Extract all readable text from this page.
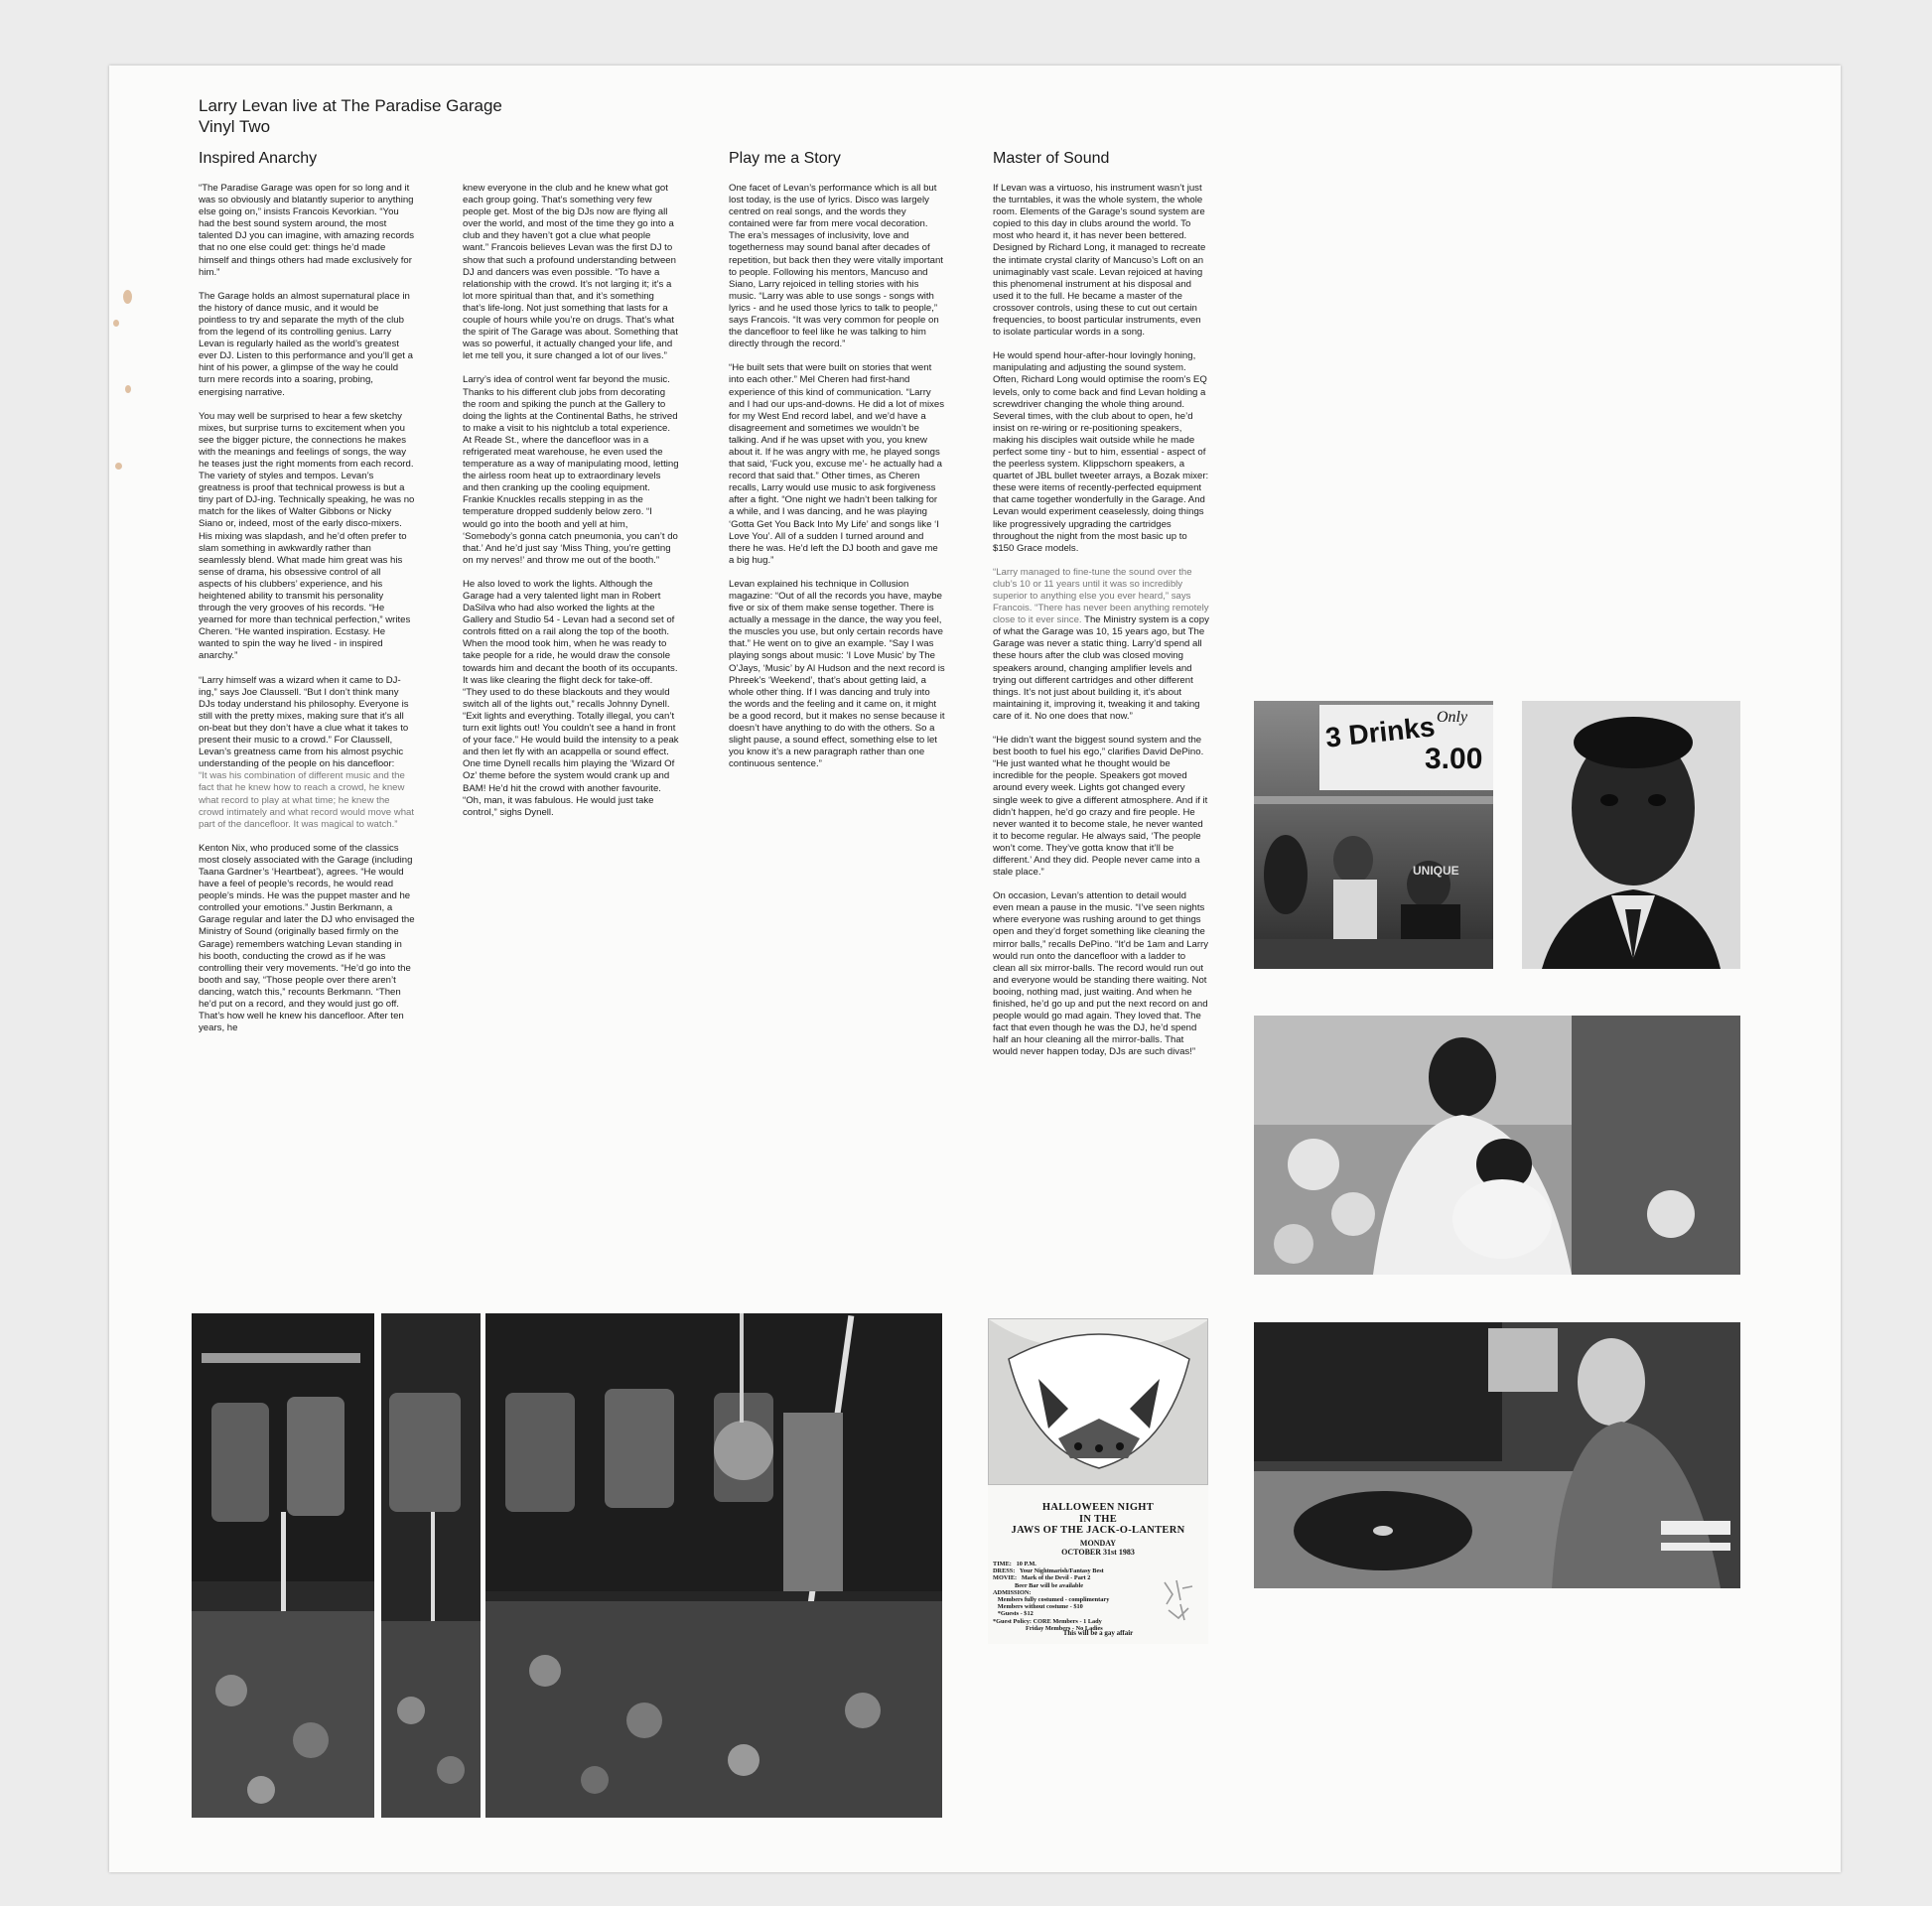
Larry Levan live at The Paradise Garage
Vinyl Two
Inspired Anarchy

“The Paradise Garage was open for so long and it was so obviously and blatantly superior to anything else going on,” insists Francois Kevorkian. “You had the best sound system around, the most talented DJ you can imagine, with amazing records that no one else could get: things he’d made himself and things others had made exclusively for him.”

The Garage holds an almost supernatural place in the history of dance music, and it would be pointless to try and separate the myth of the club from the legend of its controlling genius. Larry Levan is regularly hailed as the world’s greatest ever DJ. Listen to this performance and you’ll get a hint of his power, a glimpse of the way he could turn mere records into a soaring, probing, energising narrative.

You may well be surprised to hear a few sketchy mixes, but surprise turns to excitement when you see the bigger picture, the connections he makes with the meanings and feelings of songs, the way he teases just the right moments from each record. The variety of styles and tempos. Levan’s greatness is proof that technical prowess is but a tiny part of DJ-ing. Technically speaking, he was no match for the likes of Walter Gibbons or Nicky Siano or, indeed, most of the early disco-mixers. His mixing was slapdash, and he’d often prefer to slam something in awkwardly rather than seamlessly blend. What made him great was his sense of drama, his obsessive control of all aspects of his clubbers’ experience, and his heightened ability to transmit his personality through the very grooves of his records. “He yearned for more than technical perfection,” writes Cheren. “He wanted inspiration. Ecstasy. He wanted to spin the way he lived - in inspired anarchy.”

“Larry himself was a wizard when it came to DJ-ing,” says Joe Claussell. “But I don’t think many DJs today understand his philosophy. Everyone is still with the pretty mixes, making sure that it’s all on-beat but they don’t have a clue what it takes to present their music to a crowd.” For Claussell, Levan’s greatness came from his almost psychic understanding of the people on his dancefloor:

“It was his combination of different music and the fact that he knew how to reach a crowd, he knew what record to play at what time; he knew the crowd intimately and what record would move what part of the dancefloor. It was magical to watch.”

Kenton Nix, who produced some of the classics most closely associated with the Garage (including Taana Gardner’s ‘Heartbeat’), agrees. “He would have a feel of people’s records, he would read people’s minds. He was the puppet master and he controlled your emotions.” Justin Berkmann, a Garage regular and later the DJ who envisaged the Ministry of Sound (originally based firmly on the Garage) remembers watching Levan standing in his booth, conducting the crowd as if he was controlling their very movements. “He’d go into the booth and say, “Those people over there aren’t dancing, watch this,” recounts Berkmann. “Then he’d put on a record, and they would just go off. That’s how well he knew his dancefloor. After ten years, he

knew everyone in the club and he knew what got each group going. That’s something very few people get. Most of the big DJs now are flying all over the world, and most of the time they go into a club and they haven’t got a clue what people want.” Francois believes Levan was the first DJ to show that such a profound understanding between DJ and dancers was even possible. “To have a relationship with the crowd. It’s not larging it; it’s a lot more spiritual than that, and it’s something that’s life-long. Not just something that lasts for a couple of hours while you’re on drugs. That’s what the spirit of The Garage was about. Something that was so powerful, it actually changed your life, and let me tell you, it sure changed a lot of our lives.”

Larry’s idea of control went far beyond the music. Thanks to his different club jobs from decorating the room and spiking the punch at the Gallery to doing the lights at the Continental Baths, he strived to make a visit to his nightclub a total experience. At Reade St., where the dancefloor was in a refrigerated meat warehouse, he even used the temperature as a way of manipulating mood, letting the airless room heat up to extraordinary levels and then cranking up the cooling equipment. Frankie Knuckles recalls stepping in as the temperature dropped suddenly below zero. “I would go into the booth and yell at him, ‘Somebody’s gonna catch pneumonia, you can’t do that.’ And he’d just say ‘Miss Thing, you’re getting on my nerves!’ and throw me out of the booth.”

He also loved to work the lights. Although the Garage had a very talented light man in Robert DaSilva who had also worked the lights at the Gallery and Studio 54 - Levan had a second set of controls fitted on a rail along the top of the booth. When the mood took him, when he was ready to take people for a ride, he would draw the console towards him and decant the booth of its occupants. It was like clearing the flight deck for take-off. “They used to do these blackouts and they would switch all of the lights out,” recalls Johnny Dynell. “Exit lights and everything. Totally illegal, you can’t turn exit lights out! You couldn’t see a hand in front of your face.” He would build the intensity to a peak and then let fly with an acappella or sound effect. One time Dynell recalls him playing the ‘Wizard Of Oz’ theme before the system would crank up and BAM! He’d hit the crowd with another favourite. “Oh, man, it was fabulous. He would just take control,” sighs Dynell.

Play me a Story

One facet of Levan’s performance which is all but lost today, is the use of lyrics. Disco was largely centred on real songs, and the words they contained were far from mere vocal decoration. The era’s messages of inclusivity, love and togetherness may sound banal after decades of repetition, but back then they were vitally important to people. Following his mentors, Mancuso and Siano, Larry rejoiced in telling stories with his music. “Larry was able to use songs - songs with lyrics - and he used those lyrics to talk to people,” says Francois. “It was very common for people on the dancefloor to feel like he was talking to him directly through the record.”

“He built sets that were built on stories that went into each other.” Mel Cheren had first-hand experience of this kind of communication. “Larry and I had our ups-and-downs. He did a lot of mixes for my West End record label, and we’d have a disagreement and sometimes we wouldn’t be talking. And if he was upset with you, you knew about it. If he was angry with me, he played songs that said, ‘Fuck you, excuse me’- he actually had a record that said that.” Other times, as Cheren recalls, Larry would use music to ask forgiveness after a fight. “One night we hadn’t been talking for a while, and I was dancing, and he was playing ‘Gotta Get You Back Into My Life’ and songs like ‘I Love You’. All of a sudden I turned around and there he was. He’d left the DJ booth and gave me a big hug.”

Levan explained his technique in Collusion magazine: “Out of all the records you have, maybe five or six of them make sense together. There is actually a message in the dance, the way you feel, the muscles you use, but only certain records have that.” He went on to give an example. “Say I was playing songs about music: ‘I Love Music’ by The O’Jays, ‘Music’ by Al Hudson and the next record is Phreek’s ‘Weekend’, that’s about getting laid, a whole other thing. If I was dancing and truly into the words and the feeling and it came on, it might be a good record, but it makes no sense because it doesn’t have anything to do with the others. So a slight pause, a sound effect, something else to let you know it’s a new paragraph rather than one continuous sentence.”

Master of Sound

If Levan was a virtuoso, his instrument wasn’t just the turntables, it was the whole system, the whole room. Elements of the Garage’s sound system are copied to this day in clubs around the world. To most who heard it, it has never been bettered. Designed by Richard Long, it managed to recreate the intimate crystal clarity of Mancuso’s Loft on an unimaginably vast scale. Levan rejoiced at having this phenomenal instrument at his disposal and used it to the full. He became a master of the crossover controls, using these to cut out certain frequencies, to boost particular instruments, even to isolate particular words in a song.

He would spend hour-after-hour lovingly honing, manipulating and adjusting the sound system. Often, Richard Long would optimise the room’s EQ levels, only to come back and find Levan holding a screwdriver changing the whole thing around. Several times, with the club about to open, he’d insist on re-wiring or re-positioning speakers, making his disciples wait outside while he made perfect some tiny - but to him, essential - aspect of the peerless system. Klippschorn speakers, a quartet of JBL bullet tweeter arrays, a Bozak mixer: these were items of recently-perfected equipment that came together wonderfully in the Garage. And Levan would experiment ceaselessly, doing things like progressively upgrading the cartridges throughout the night from the most basic up to $150 Grace models.

“Larry managed to fine-tune the sound over the club’s 10 or 11 years until it was so incredibly superior to anything else you ever heard,” says Francois. “There has never been anything remotely close to it ever since. The Ministry system is a copy of what the Garage was 10, 15 years ago, but The Garage was never a static thing. Larry’d spend all these hours after the club was closed moving speakers around, changing amplifier levels and trying out different cartridges and other different things. It’s not just about building it, it’s about maintaining it, improving it, tweaking it and taking care of it. No one does that now.”

“He didn’t want the biggest sound system and the best booth to fuel his ego,” clarifies David DePino. “He just wanted what he thought would be incredible for the people. Speakers got moved around every week. Lights got changed every single week to give a different atmosphere. And if it didn’t happen, he’d go crazy and fire people. He never wanted it to become stale, he never wanted it to become regular. He always said, ‘The people won’t come. They’ve gotta know that it’ll be different.’ And they did. People never came into a stale place.”

On occasion, Levan’s attention to detail would even mean a pause in the music. “I’ve seen nights where everyone was rushing around to get things open and they’d forget something like cleaning the mirror balls,” recalls DePino. “It’d be 1am and Larry would run onto the dancefloor with a ladder to clean all six mirror-balls. The record would run out and everyone would be standing there waiting. Not booing, nothing mad, just waiting. And when he finished, he’d go up and put the next record on and people would go mad again. They loved that. The fact that even though he was the DJ, he’d spend half an hour cleaning all the mirror-balls. That would never happen today, DJs are such divas!”

3 Drinks Only
3.00
UNIQUE
HALLOWEEN NIGHT
IN THE
JAWS OF THE JACK-O-LANTERN
MONDAY
OCTOBER 31st 1983
TIME:   10 P.M.
DRESS:   Your Nightmarish/Fantasy Best
MOVIE:   Mark of the Devil - Part 2
Beer Bar will be available
ADMISSION:
Members fully costumed - complimentary
Members without costume - $10
*Guests - $12
*Guest Policy: CORE Members - 1 Lady
Friday Members - No Ladies
This will be a gay affair
